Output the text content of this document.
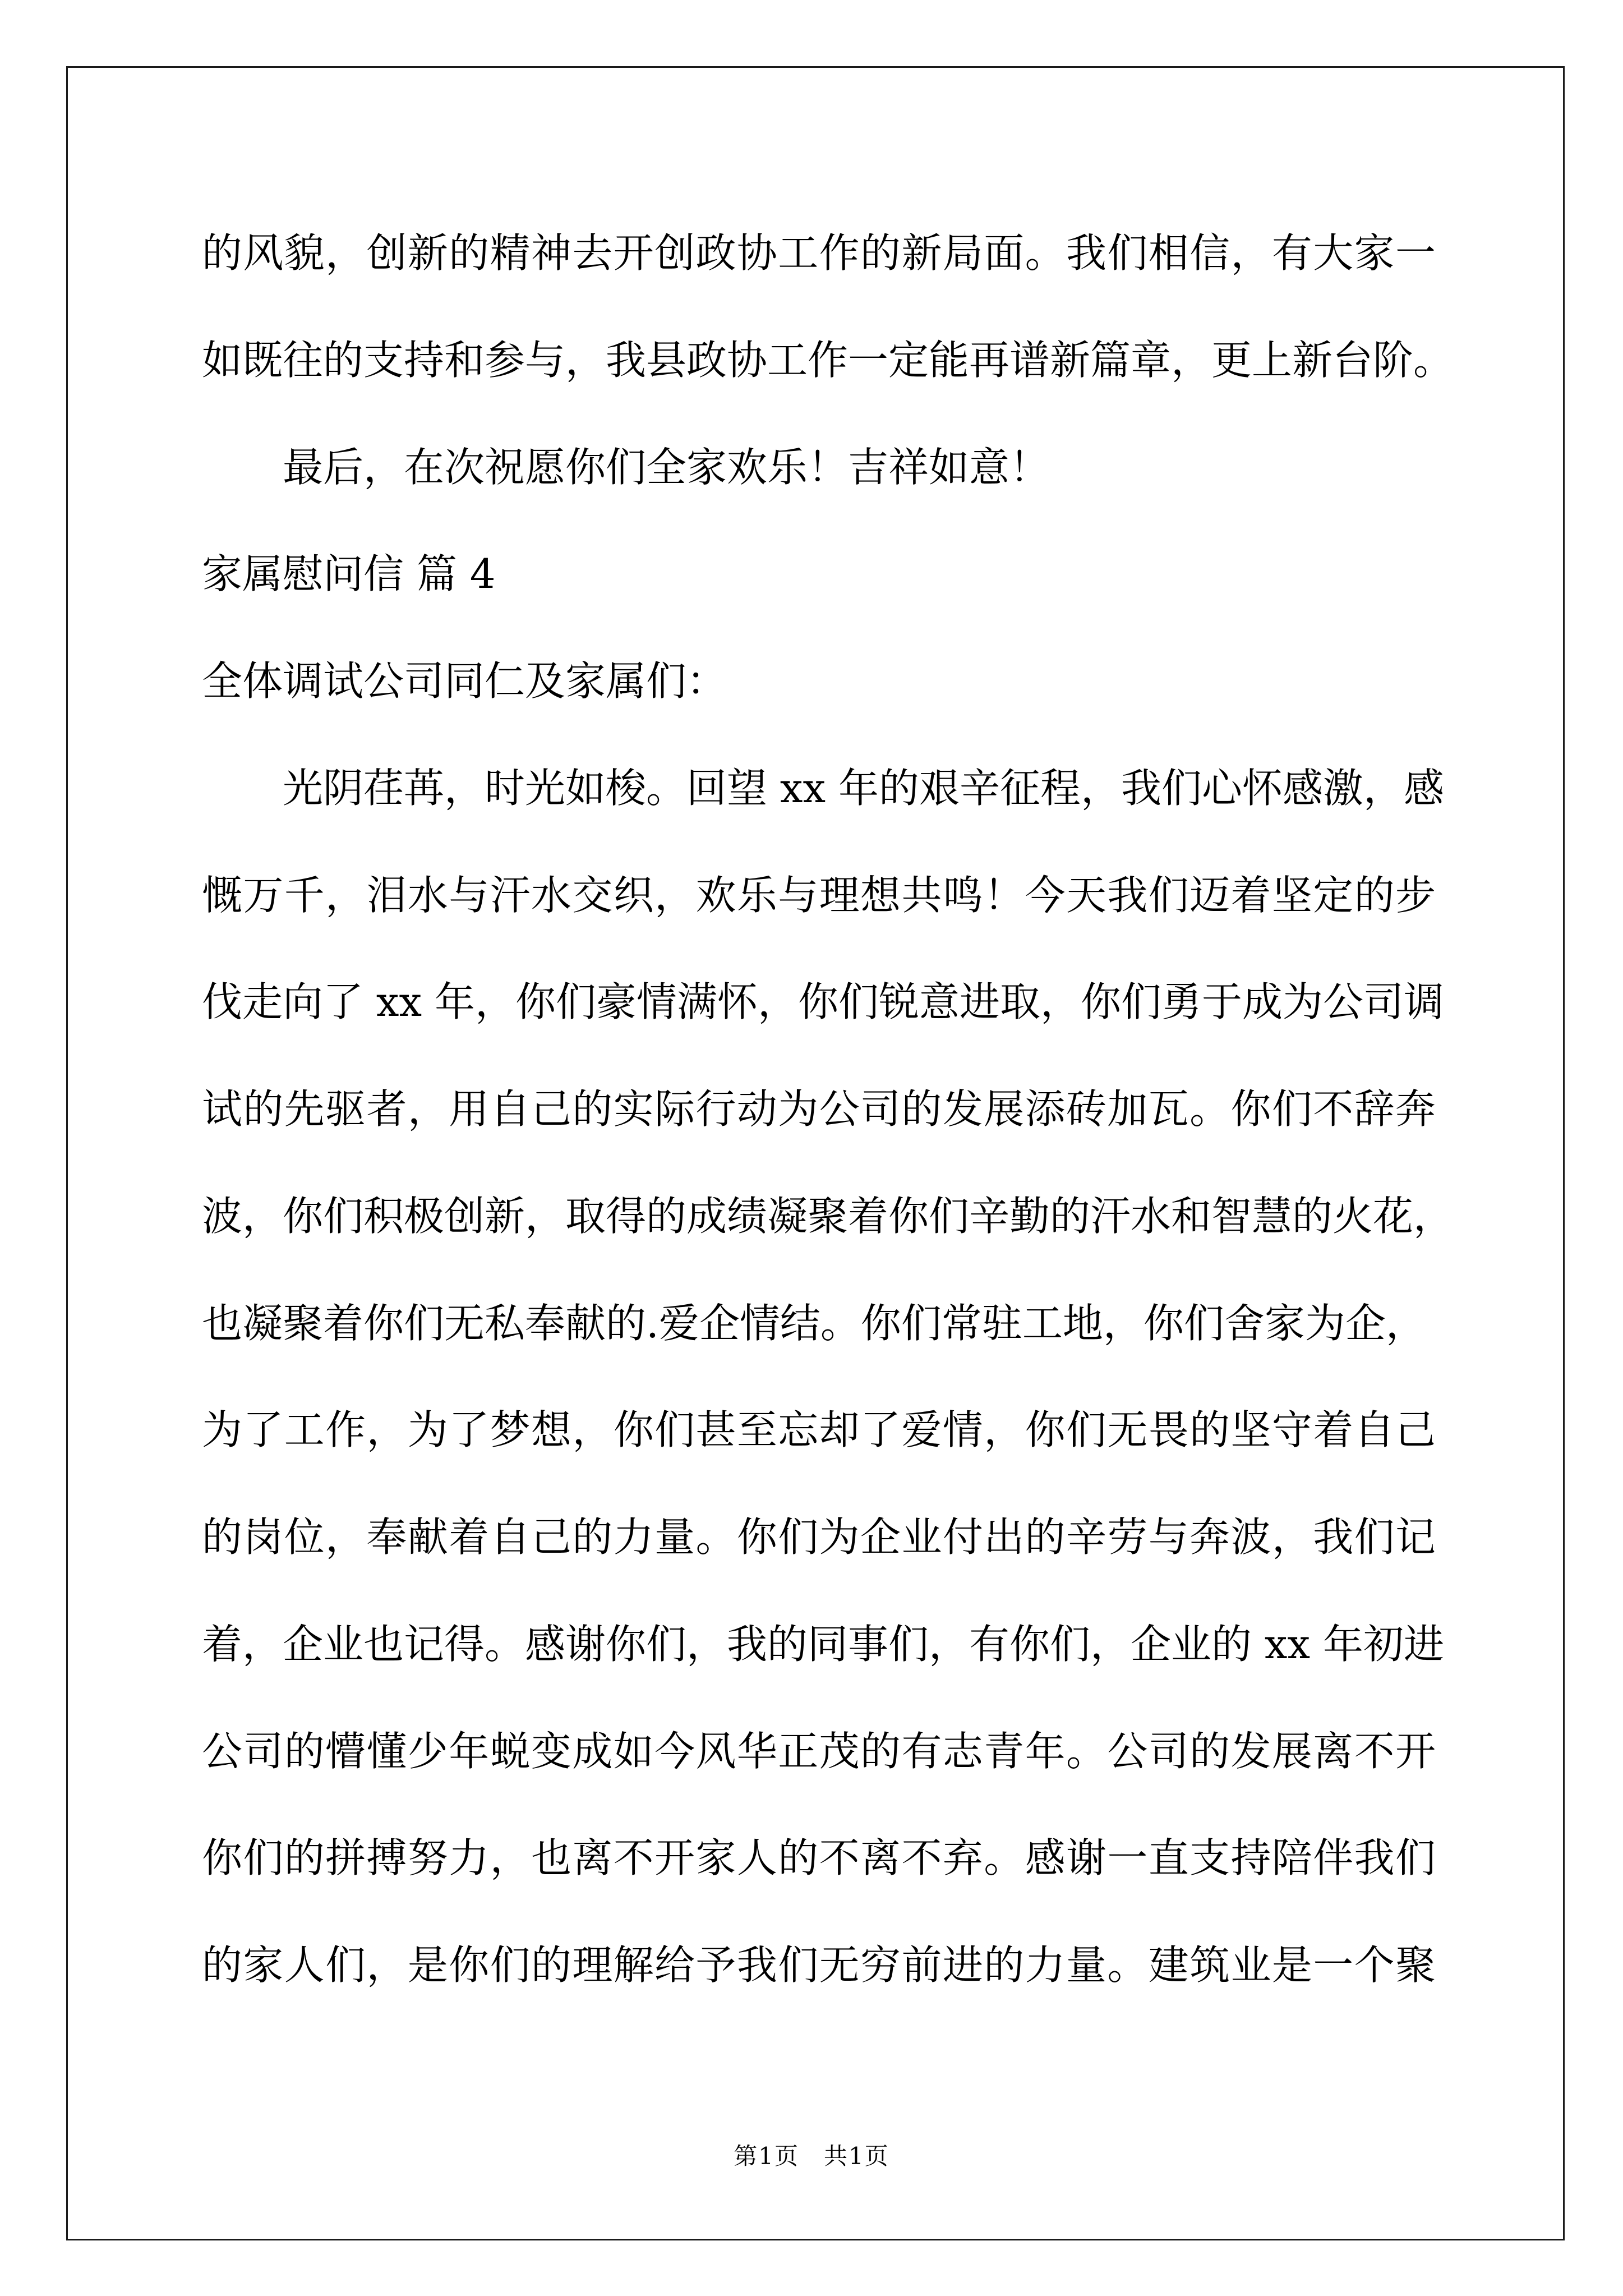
的风貌，创新的精神去开创政协工作的新局面。我们相信，有大家一
如既往的支持和参与，我县政协工作一定能再谱新篇章，更上新台阶。
最后，在次祝愿你们全家欢乐！吉祥如意！
家属慰问信 篇 4
全体调试公司同仁及家属们：
光阴荏苒，时光如梭。回望 xx 年的艰辛征程，我们心怀感激，感
慨万千，泪水与汗水交织，欢乐与理想共鸣！今天我们迈着坚定的步
伐走向了 xx 年，你们豪情满怀，你们锐意进取，你们勇于成为公司调
试的先驱者，用自己的实际行动为公司的发展添砖加瓦。你们不辞奔
波，你们积极创新，取得的成绩凝聚着你们辛勤的汗水和智慧的火花，
也凝聚着你们无私奉献的.爱企情结。你们常驻工地，你们舍家为企，
为了工作，为了梦想，你们甚至忘却了爱情，你们无畏的坚守着自己
的岗位，奉献着自己的力量。你们为企业付出的辛劳与奔波，我们记
着，企业也记得。感谢你们，我的同事们，有你们，企业的 xx 年初进
公司的懵懂少年蜕变成如今风华正茂的有志青年。公司的发展离不开
你们的拼搏努力，也离不开家人的不离不弃。感谢一直支持陪伴我们
的家人们，是你们的理解给予我们无穷前进的力量。建筑业是一个聚
第1页　共1页
